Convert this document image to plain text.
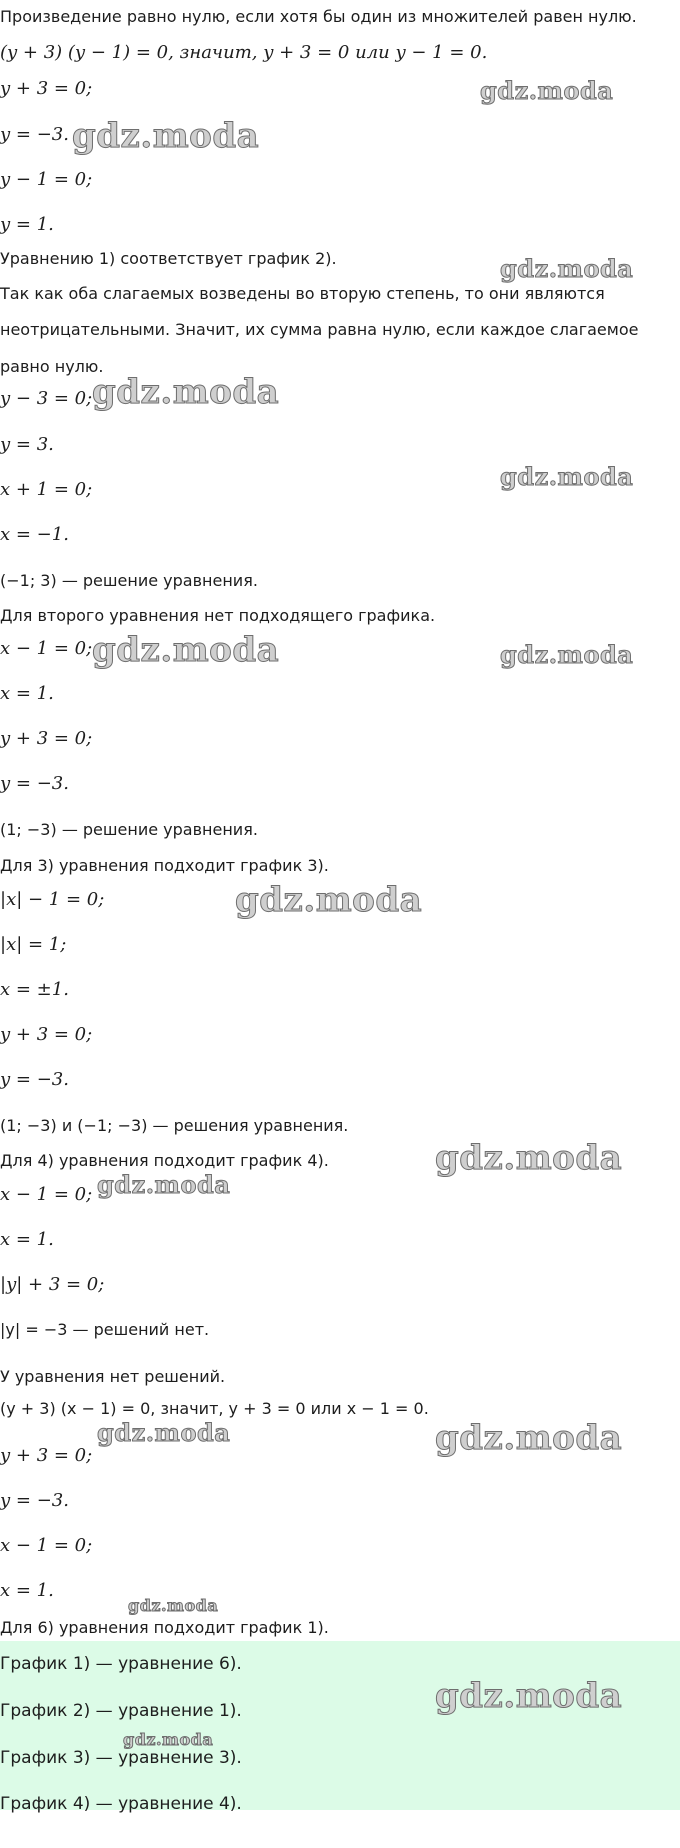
Произведение равно нулю, если хотя бы один из множителей равен нулю.
(y + 3) (y − 1) = 0, значит, y + 3 = 0 или y − 1 = 0.
y + 3 = 0;
y = −3.
y − 1 = 0;
y = 1.
Уравнению 1) соответствует график 2).
Так как оба слагаемых возведены во вторую степень, то они являются
неотрицательными. Значит, их сумма равна нулю, если каждое слагаемое
равно нулю.
y − 3 = 0;
y = 3.
x + 1 = 0;
x = −1.
(−1; 3) — решение уравнения.
Для второго уравнения нет подходящего графика.
x − 1 = 0;
x = 1.
y + 3 = 0;
y = −3.
(1; −3) — решение уравнения.
Для 3) уравнения подходит график 3).
|x| − 1 = 0;
|x| = 1;
x = ±1.
y + 3 = 0;
y = −3.
(1; −3) и (−1; −3) — решения уравнения.
Для 4) уравнения подходит график 4).
x − 1 = 0;
x = 1.
|y| + 3 = 0;
|y| = −3 — решений нет.
У уравнения нет решений.
(y + 3) (x − 1) = 0, значит, y + 3 = 0 или x − 1 = 0.
y + 3 = 0;
y = −3.
x − 1 = 0;
x = 1.
Для 6) уравнения подходит график 1).
График 1) — уравнение 6).
График 2) — уравнение 1).
График 3) — уравнение 3).
График 4) — уравнение 4).
gdz.moda
gdz.moda
gdz.moda
gdz.moda
gdz.moda
gdz.moda	gdz.moda
gdz.moda
gdz.moda
gdz.moda
gdz.moda	gdz.moda
gdz.moda
gdz.moda
gdz.moda
